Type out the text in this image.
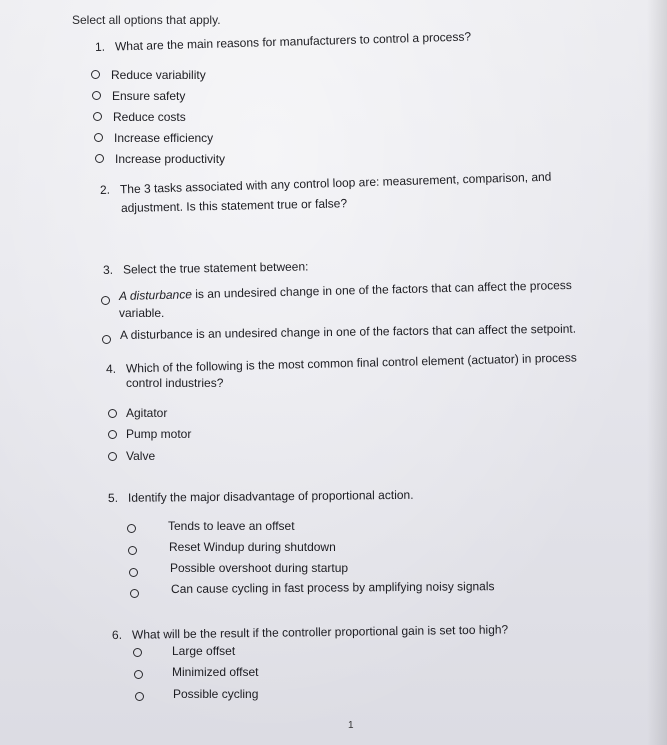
Select all options that apply.
1. What are the main reasons for manufacturers to control a process?
Reduce variability
Ensure safety
Reduce costs
Increase efficiency
Increase productivity
2. The 3 tasks associated with any control loop are: measurement, comparison, and
adjustment. Is this statement true or false?
3. Select the true statement between:
A disturbance is an undesired change in one of the factors that can affect the process
variable.
A disturbance is an undesired change in one of the factors that can affect the setpoint.
4. Which of the following is the most common final control element (actuator) in process
control industries?
Agitator
Pump motor
Valve
5. Identify the major disadvantage of proportional action.
Tends to leave an offset
Reset Windup during shutdown
Possible overshoot during startup
Can cause cycling in fast process by amplifying noisy signals
6. What will be the result if the controller proportional gain is set too high?
Large offset
Minimized offset
Possible cycling
1
